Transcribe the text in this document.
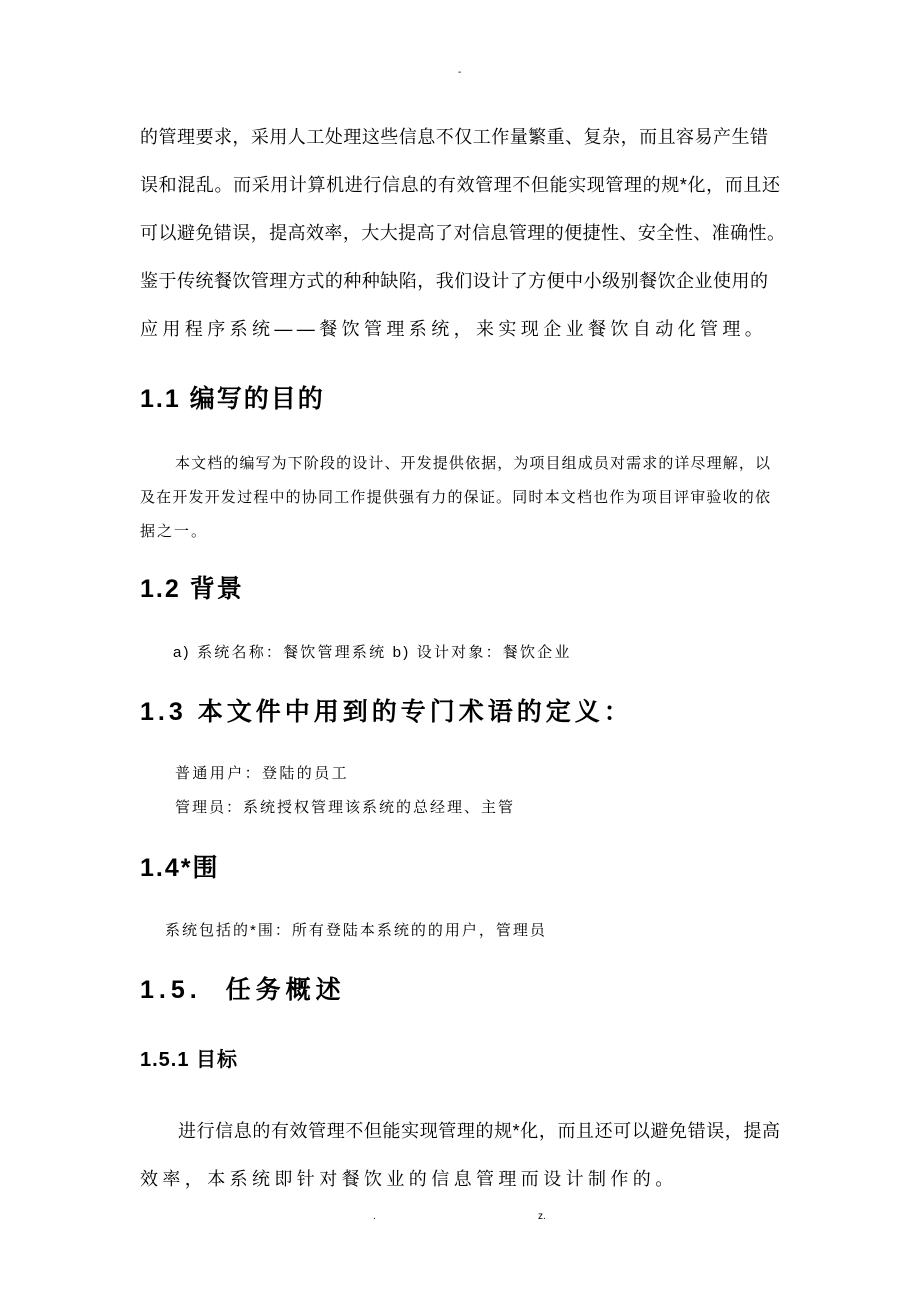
-
的管理要求，采用人工处理这些信息不仅工作量繁重、复杂，而且容易产生错
误和混乱。而采用计算机进行信息的有效管理不但能实现管理的规*化，而且还
可以避免错误，提高效率，大大提高了对信息管理的便捷性、安全性、准确性。
鉴于传统餐饮管理方式的种种缺陷，我们设计了方便中小级别餐饮企业使用的
应用程序系统——餐饮管理系统，来实现企业餐饮自动化管理。
1.1 编写的目的
本文档的编写为下阶段的设计、开发提供依据，为项目组成员对需求的详尽理解，以
及在开发开发过程中的协同工作提供强有力的保证。同时本文档也作为项目评审验收的依
据之一。
1.2 背景
a) 系统名称：餐饮管理系统 b) 设计对象：餐饮企业
1.3 本文件中用到的专门术语的定义：
普通用户：登陆的员工
管理员：系统授权管理该系统的总经理、主管
1.4*围
系统包括的*围：所有登陆本系统的的用户，管理员
1.5.  任务概述
1.5.1 目标
进行信息的有效管理不但能实现管理的规*化，而且还可以避免错误，提高
效率，本系统即针对餐饮业的信息管理而设计制作的。
.	z.
